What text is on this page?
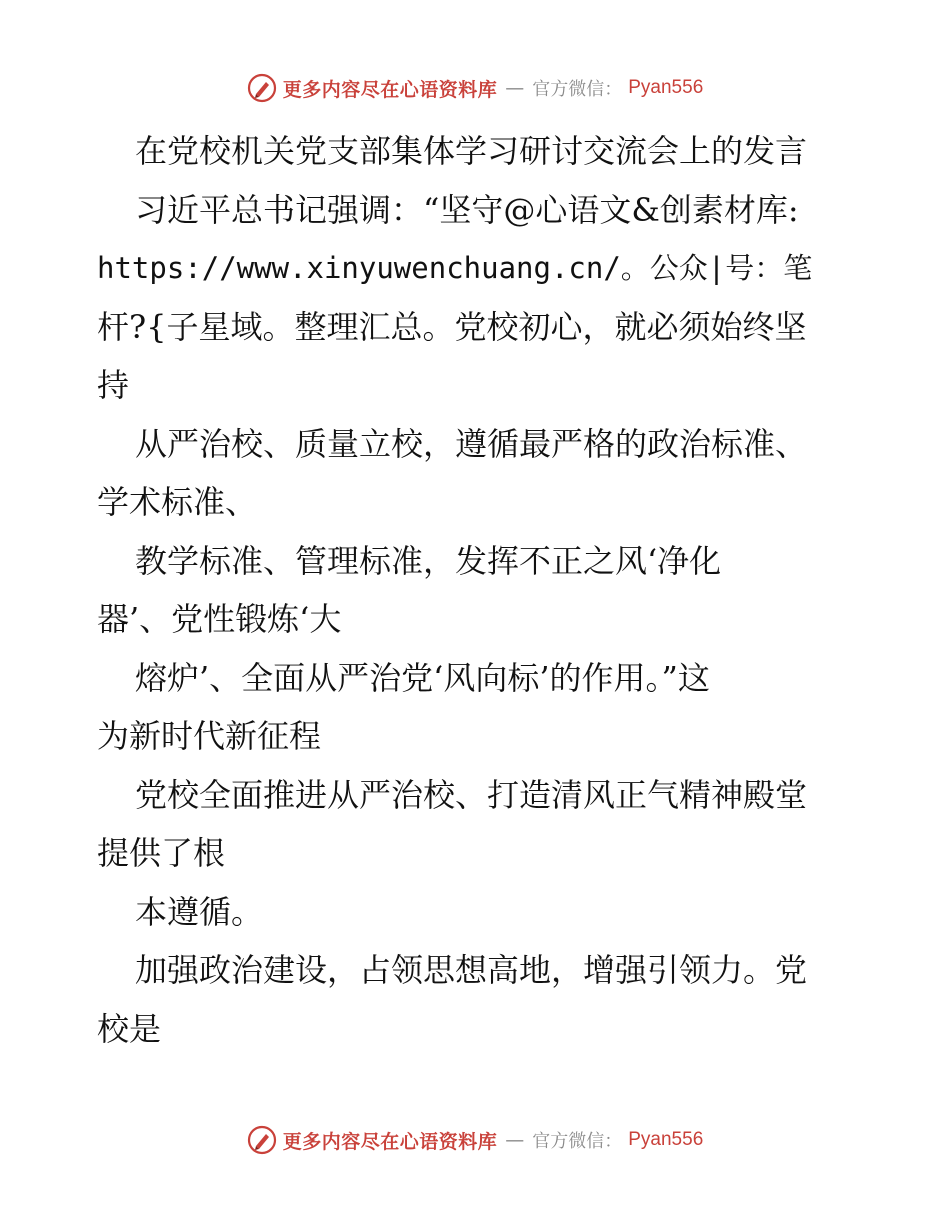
更多内容尽在心语资料库 — 官方微信： Pyan556
在党校机关党支部集体学习研讨交流会上的发言
习近平总书记强调：“坚守@心语文&创素材库:
https://www.xinyuwenchuang.cn/。公众|号：笔
杆?{子星域。整理汇总。党校初心，就必须始终坚
持
从严治校、质量立校，遵循最严格的政治标准、
学术标准、
教学标准、管理标准，发挥不正之风‘净化
器’、党性锻炼‘大
熔炉’、全面从严治党‘风向标’的作用。”这
为新时代新征程
党校全面推进从严治校、打造清风正气精神殿堂
提供了根
本遵循。
加强政治建设，占领思想高地，增强引领力。党
校是
更多内容尽在心语资料库 — 官方微信： Pyan556
